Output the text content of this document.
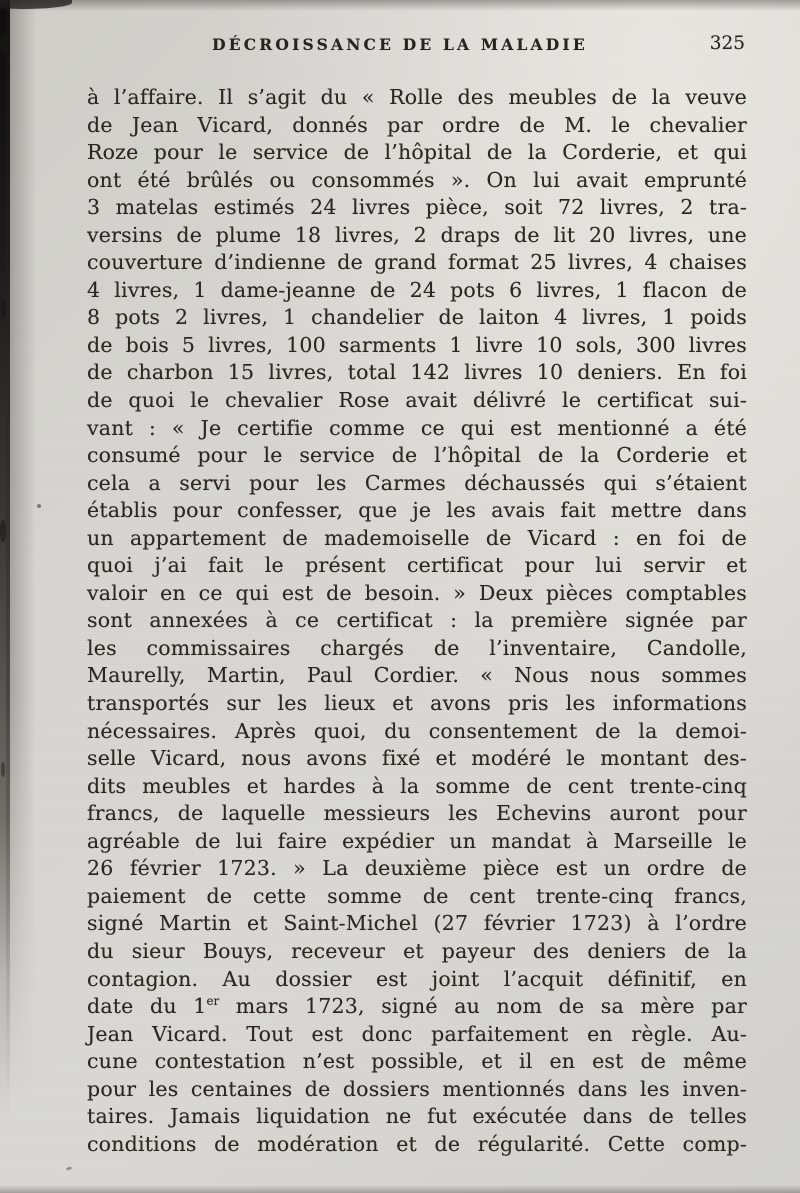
DÉCROISSANCE DE LA MALADIE	325
à l’affaire. Il s’agit du « Rolle des meubles de la veuve
de Jean Vicard, donnés par ordre de M. le chevalier
Roze pour le service de l’hôpital de la Corderie, et qui
ont été brûlés ou consommés ». On lui avait emprunté
3 matelas estimés 24 livres pièce, soit 72 livres, 2 tra-
versins de plume 18 livres, 2 draps de lit 20 livres, une
couverture d’indienne de grand format 25 livres, 4 chaises
4 livres, 1 dame-jeanne de 24 pots 6 livres, 1 flacon de
8 pots 2 livres, 1 chandelier de laiton 4 livres, 1 poids
de bois 5 livres, 100 sarments 1 livre 10 sols, 300 livres
de charbon 15 livres, total 142 livres 10 deniers. En foi
de quoi le chevalier Rose avait délivré le certificat sui-
vant : « Je certifie comme ce qui est mentionné a été
consumé pour le service de l’hôpital de la Corderie et
cela a servi pour les Carmes déchaussés qui s’étaient
établis pour confesser, que je les avais fait mettre dans
un appartement de mademoiselle de Vicard : en foi de
quoi j’ai fait le présent certificat pour lui servir et
valoir en ce qui est de besoin. » Deux pièces comptables
sont annexées à ce certificat : la première signée par
les commissaires chargés de l’inventaire, Candolle,
Maurelly, Martin, Paul Cordier. « Nous nous sommes
transportés sur les lieux et avons pris les informations
nécessaires. Après quoi, du consentement de la demoi-
selle Vicard, nous avons fixé et modéré le montant des-
dits meubles et hardes à la somme de cent trente-cinq
francs, de laquelle messieurs les Echevins auront pour
agréable de lui faire expédier un mandat à Marseille le
26 février 1723. » La deuxième pièce est un ordre de
paiement de cette somme de cent trente-cinq francs,
signé Martin et Saint-Michel (27 février 1723) à l’ordre
du sieur Bouys, receveur et payeur des deniers de la
contagion. Au dossier est joint l’acquit définitif, en
date du 1er mars 1723, signé au nom de sa mère par
Jean Vicard. Tout est donc parfaitement en règle. Au-
cune contestation n’est possible, et il en est de même
pour les centaines de dossiers mentionnés dans les inven-
taires. Jamais liquidation ne fut exécutée dans de telles
conditions de modération et de régularité. Cette comp-
